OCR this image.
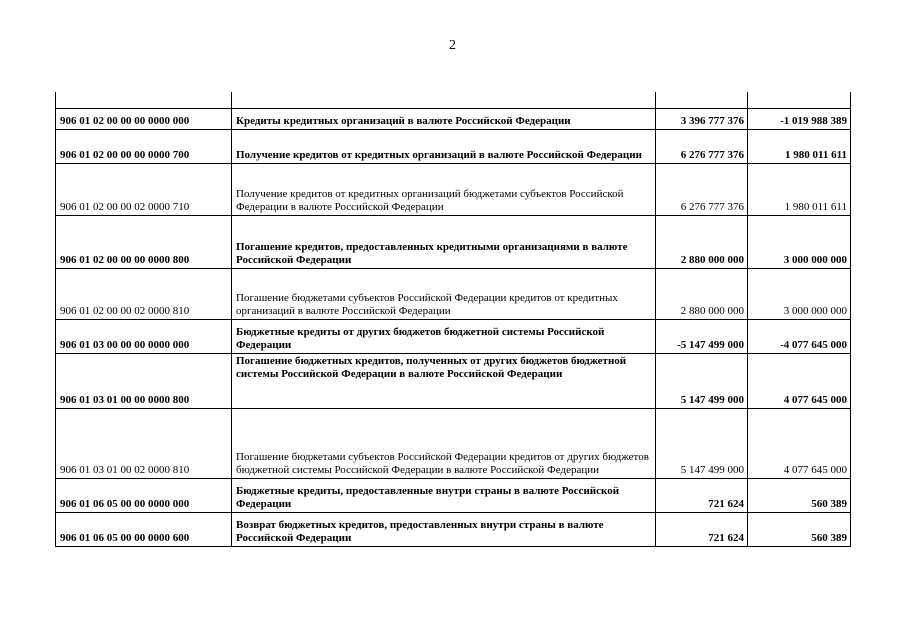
2

906 01 02 00 00 00 0000 000	Кредиты кредитных организаций в валюте Российской Федерации	3 396 777 376	-1 019 988 389
906 01 02 00 00 00 0000 700	Получение кредитов от кредитных организаций в валюте Российской Федерации	6 276 777 376	1 980 011 611
906 01 02 00 00 02 0000 710	Получение кредитов от кредитных организаций бюджетами субъектов Российской Федерации в валюте Российской Федерации	6 276 777 376	1 980 011 611
906 01 02 00 00 00 0000 800	Погашение кредитов, предоставленных кредитными организациями в валюте Российской Федерации	2 880 000 000	3 000 000 000
906 01 02 00 00 02 0000 810	Погашение бюджетами субъектов Российской Федерации кредитов от кредитных организаций в валюте Российской Федерации	2 880 000 000	3 000 000 000
906 01 03 00 00 00 0000 000	Бюджетные кредиты от других бюджетов бюджетной системы Российской Федерации	-5 147 499 000	-4 077 645 000
906 01 03 01 00 00 0000 800	Погашение бюджетных кредитов, полученных от других бюджетов бюджетной системы Российской Федерации в валюте Российской Федерации	5 147 499 000	4 077 645 000
906 01 03 01 00 02 0000 810	Погашение бюджетами субъектов Российской Федерации кредитов от других бюджетов бюджетной системы Российской Федерации в валюте Российской Федерации	5 147 499 000	4 077 645 000
906 01 06 05 00 00 0000 000	Бюджетные кредиты, предоставленные внутри страны в валюте Российской Федерации	721 624	560 389
906 01 06 05 00 00 0000 600	Возврат бюджетных кредитов, предоставленных внутри страны в валюте Российской Федерации	721 624	560 389
